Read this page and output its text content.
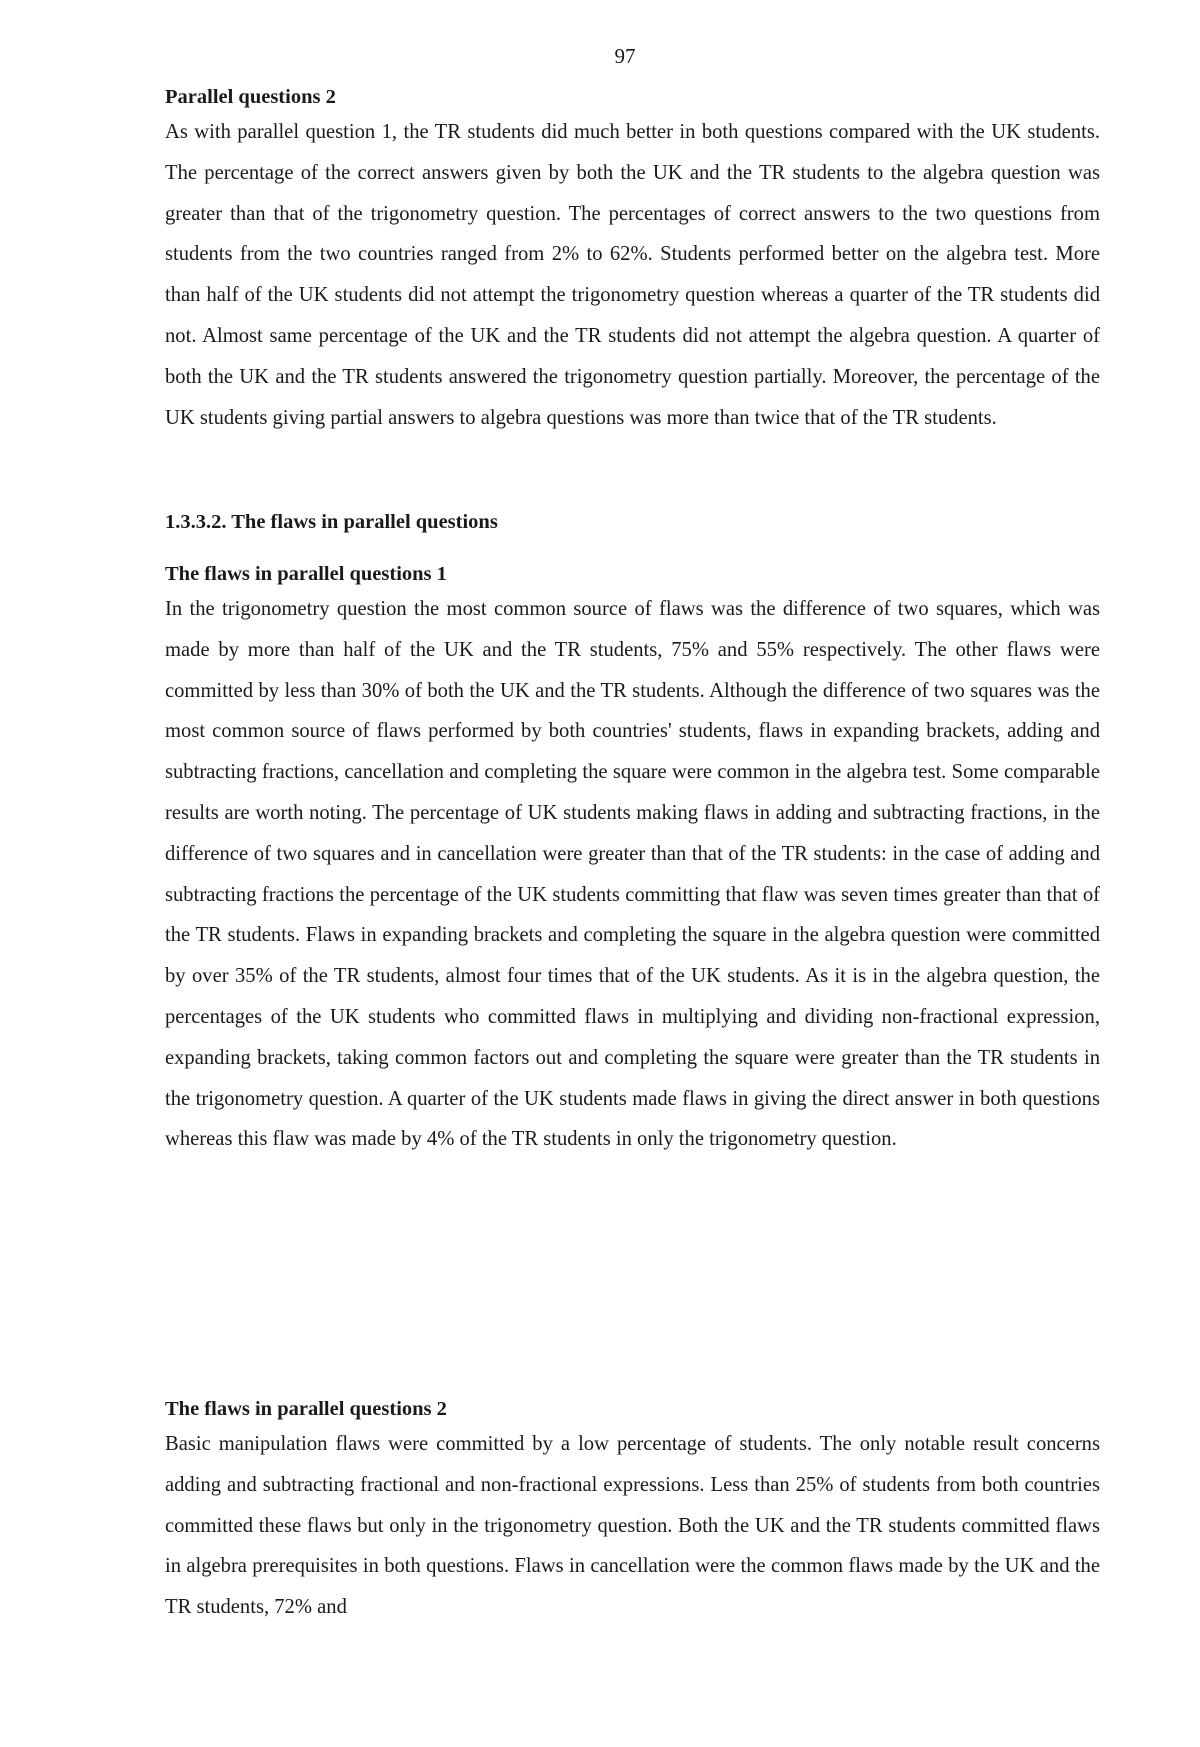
97
Parallel questions 2

As with parallel question 1, the TR students did much better in both questions compared with the UK students. The percentage of the correct answers given by both the UK and the TR students to the algebra question was greater than that of the trigonometry question. The percentages of correct answers to the two questions from students from the two countries ranged from 2% to 62%. Students performed better on the algebra test. More than half of the UK students did not attempt the trigonometry question whereas a quarter of the TR students did not. Almost same percentage of the UK and the TR students did not attempt the algebra question. A quarter of both the UK and the TR students answered the trigonometry question partially. Moreover, the percentage of the UK students giving partial answers to algebra questions was more than twice that of the TR students.

1.3.3.2. The flaws in parallel questions
The flaws in parallel questions 1

In the trigonometry question the most common source of flaws was the difference of two squares, which was made by more than half of the UK and the TR students, 75% and 55% respectively. The other flaws were committed by less than 30% of both the UK and the TR students. Although the difference of two squares was the most common source of flaws performed by both countries' students, flaws in expanding brackets, adding and subtracting fractions, cancellation and completing the square were common in the algebra test. Some comparable results are worth noting. The percentage of UK students making flaws in adding and subtracting fractions, in the difference of two squares and in cancellation were greater than that of the TR students: in the case of adding and subtracting fractions the percentage of the UK students committing that flaw was seven times greater than that of the TR students. Flaws in expanding brackets and completing the square in the algebra question were committed by over 35% of the TR students, almost four times that of the UK students. As it is in the algebra question, the percentages of the UK students who committed flaws in multiplying and dividing non-fractional expression, expanding brackets, taking common factors out and completing the square were greater than the TR students in the trigonometry question. A quarter of the UK students made flaws in giving the direct answer in both questions whereas this flaw was made by 4% of the TR students in only the trigonometry question.

The flaws in parallel questions 2

Basic manipulation flaws were committed by a low percentage of students. The only notable result concerns adding and subtracting fractional and non-fractional expressions. Less than 25% of students from both countries committed these flaws but only in the trigonometry question. Both the UK and the TR students committed flaws in algebra prerequisites in both questions. Flaws in cancellation were the common flaws made by the UK and the TR students, 72% and
